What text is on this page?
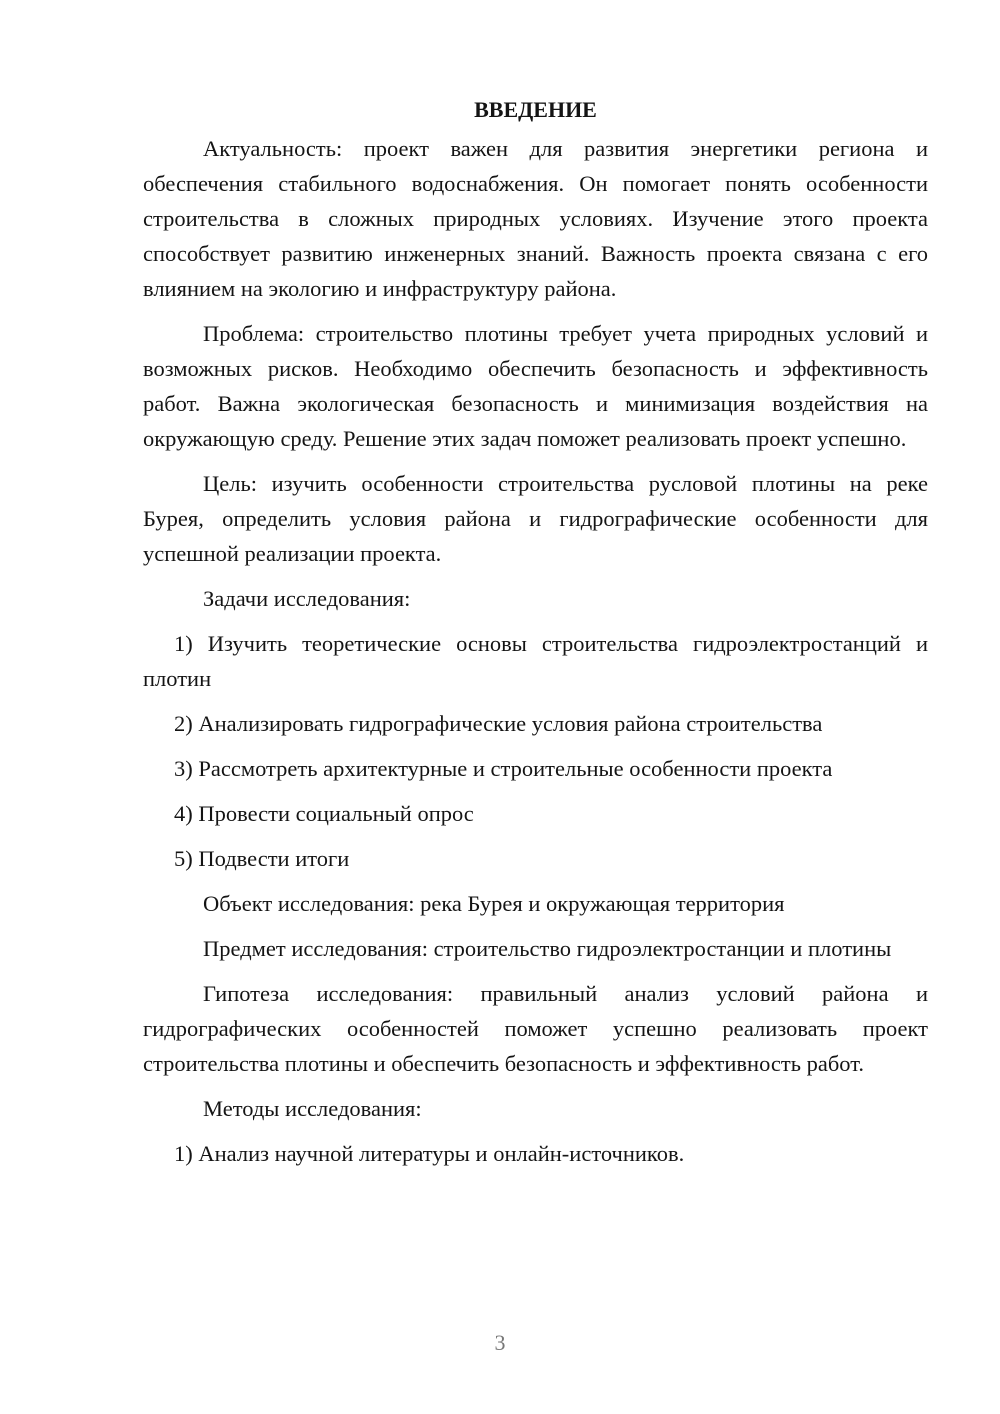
ВВЕДЕНИЕ

Актуальность: проект важен для развития энергетики региона и обеспечения стабильного водоснабжения. Он помогает понять особенности строительства в сложных природных условиях. Изучение этого проекта способствует развитию инженерных знаний. Важность проекта связана с его влиянием на экологию и инфраструктуру района.

Проблема: строительство плотины требует учета природных условий и возможных рисков. Необходимо обеспечить безопасность и эффективность работ. Важна экологическая безопасность и минимизация воздействия на окружающую среду. Решение этих задач поможет реализовать проект успешно.

Цель: изучить особенности строительства русловой плотины на реке Бурея, определить условия района и гидрографические особенности для успешной реализации проекта.

Задачи исследования:

1) Изучить теоретические основы строительства гидроэлектростанций и плотин

2) Анализировать гидрографические условия района строительства

3) Рассмотреть архитектурные и строительные особенности проекта

4) Провести социальный опрос

5) Подвести итоги

Объект исследования: река Бурея и окружающая территория

Предмет исследования: строительство гидроэлектростанции и плотины

Гипотеза исследования: правильный анализ условий района и гидрографических особенностей поможет успешно реализовать проект строительства плотины и обеспечить безопасность и эффективность работ.

Методы исследования:

1) Анализ научной литературы и онлайн-источников.

3
